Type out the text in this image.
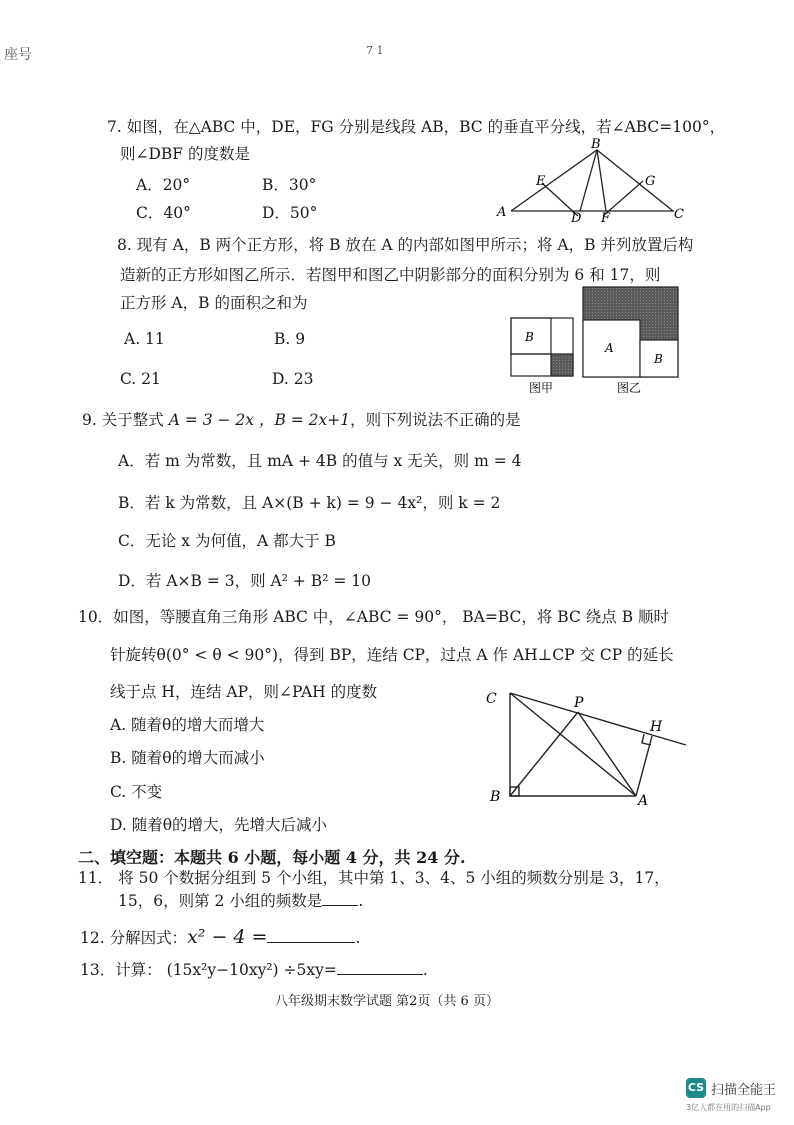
座号	7 1
7. 如图，在△ABC 中，DE，FG 分别是线段 AB，BC 的垂直平分线，若∠ABC=100°，
则∠DBF 的度数是
A．20°	B．30°
C．40°	D．50°	A
B
C
D
E
F
G
8. 现有 A，B 两个正方形，将 B 放在 A 的内部如图甲所示；将 A，B 并列放置后构
造新的正方形如图乙所示．若图甲和图乙中阴影部分的面积分别为 6 和 17，则
正方形 A，B 的面积之和为
A. 11	B. 9
C. 21	D. 23
B
图甲
A
B
图乙
9. 关于整式 A = 3 − 2x ，B = 2x+1，则下列说法不正确的是
A．若 m 为常数，且 mA + 4B 的值与 x 无关，则 m = 4
B．若 k 为常数，且 A×(B + k) = 9 − 4x²，则 k = 2
C．无论 x 为何值，A 都大于 B
D．若 A×B = 3，则 A² + B² = 10
10．如图，等腰直角三角形 ABC 中，∠ABC = 90°， BA=BC，将 BC 绕点 B 顺时
针旋转θ(0° < θ < 90°)，得到 BP，连结 CP，过点 A 作 AH⊥CP 交 CP 的延长
线于点 H，连结 AP，则∠PAH 的度数
A. 随着θ的增大而增大
B. 随着θ的增大而减小
C. 不变
D. 随着θ的增大，先增大后减小
C	P
H
B	A
二、填空题：本题共 6 小题，每小题 4 分，共 24 分.
11． 将 50 个数据分组到 5 个小组，其中第 1、3、4、5 小组的频数分别是 3，17，
15，6，则第 2 小组的频数是 .
12. 分解因式：x² − 4 =	.
13．计算： (15x²y−10xy²) ÷5xy=	.
八年级期末数学试题 第2页（共 6 页）
CS 扫描全能王
3亿人都在用的扫描App
